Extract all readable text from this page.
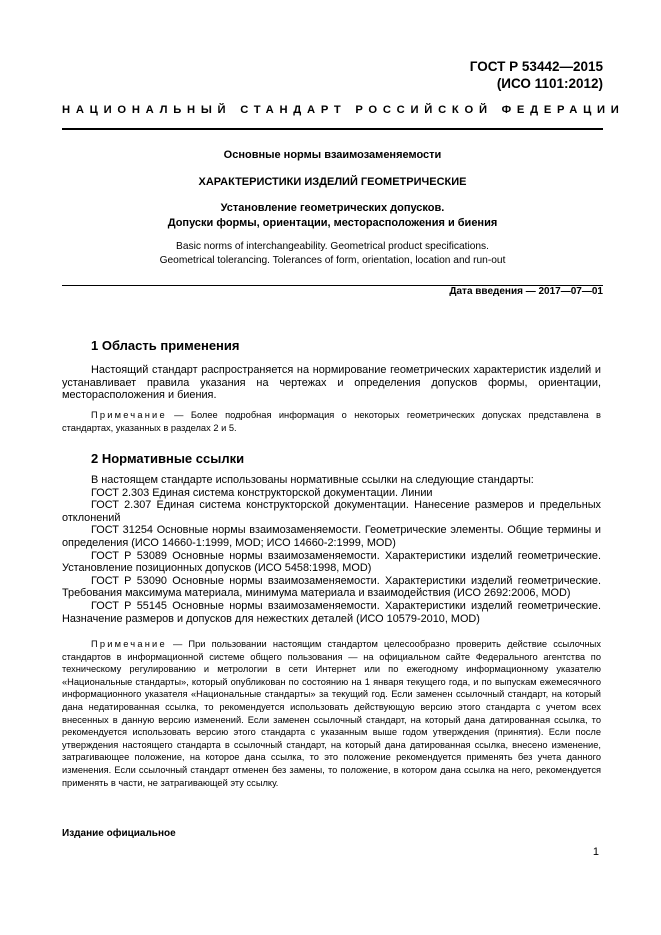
ГОСТ Р 53442—2015
(ИСО 1101:2012)
НАЦИОНАЛЬНЫЙ СТАНДАРТ РОССИЙСКОЙ ФЕДЕРАЦИИ
Основные нормы взаимозаменяемости
ХАРАКТЕРИСТИКИ ИЗДЕЛИЙ ГЕОМЕТРИЧЕСКИЕ
Установление геометрических допусков.
Допуски формы, ориентации, месторасположения и биения
Basic norms of interchangeability. Geometrical product specifications.
Geometrical tolerancing. Tolerances of form, orientation, location and run-out
Дата введения — 2017—07—01
1 Область применения

Настоящий стандарт распространяется на нормирование геометрических характеристик изделий и устанавливает правила указания на чертежах и определения допусков формы, ориентации, местораcположения и биения.

Примечание — Более подробная информация о некоторых геометрических допусках представлена в стандартах, указанных в разделах 2 и 5.

2 Нормативные ссылки

В настоящем стандарте использованы нормативные ссылки на следующие стандарты:

ГОСТ 2.303 Единая система конструкторской документации. Линии

ГОСТ 2.307 Единая система конструкторской документации. Нанесение размеров и предельных отклонений

ГОСТ 31254 Основные нормы взаимозаменяемости. Геометрические элементы. Общие термины и определения (ИСО 14660-1:1999, MOD; ИСО 14660-2:1999, MOD)

ГОСТ Р 53089 Основные нормы взаимозаменяемости. Характеристики изделий геометрические. Установление позиционных допусков (ИСО 5458:1998, MOD)

ГОСТ Р 53090 Основные нормы взаимозаменяемости. Характеристики изделий геометрические. Требования максимума материала, минимума материала и взаимодействия (ИСО 2692:2006, MOD)

ГОСТ Р 55145 Основные нормы взаимозаменяемости. Характеристики изделий геометрические. Назначение размеров и допусков для нежестких деталей (ИСО 10579-2010, MOD)

Примечание — При пользовании настоящим стандартом целесообразно проверить действие ссылочных стандартов в информационной системе общего пользования — на официальном сайте Федерального агентства по техническому регулированию и метрологии в сети Интернет или по ежегодному информационному указателю «Национальные стандарты», который опубликован по состоянию на 1 января текущего года, и по выпускам ежемесячного информационного указателя «Национальные стандарты» за текущий год. Если заменен ссылочный стандарт, на который дана недатированная ссылка, то рекомендуется использовать действующую версию этого стандарта с учетом всех внесенных в данную версию изменений. Если заменен ссылочный стандарт, на который дана датированная ссылка, то рекомендуется использовать версию этого стандарта с указанным выше годом утверждения (принятия). Если после утверждения настоящего стандарта в ссылочный стандарт, на который дана датированная ссылка, внесено изменение, затрагивающее положение, на которое дана ссылка, то это положение рекомендуется применять без учета данного изменения. Если ссылочный стандарт отменен без замены, то положение, в котором дана ссылка на него, рекомендуется применять в части, не затрагивающей эту ссылку.

Издание официальное
1
